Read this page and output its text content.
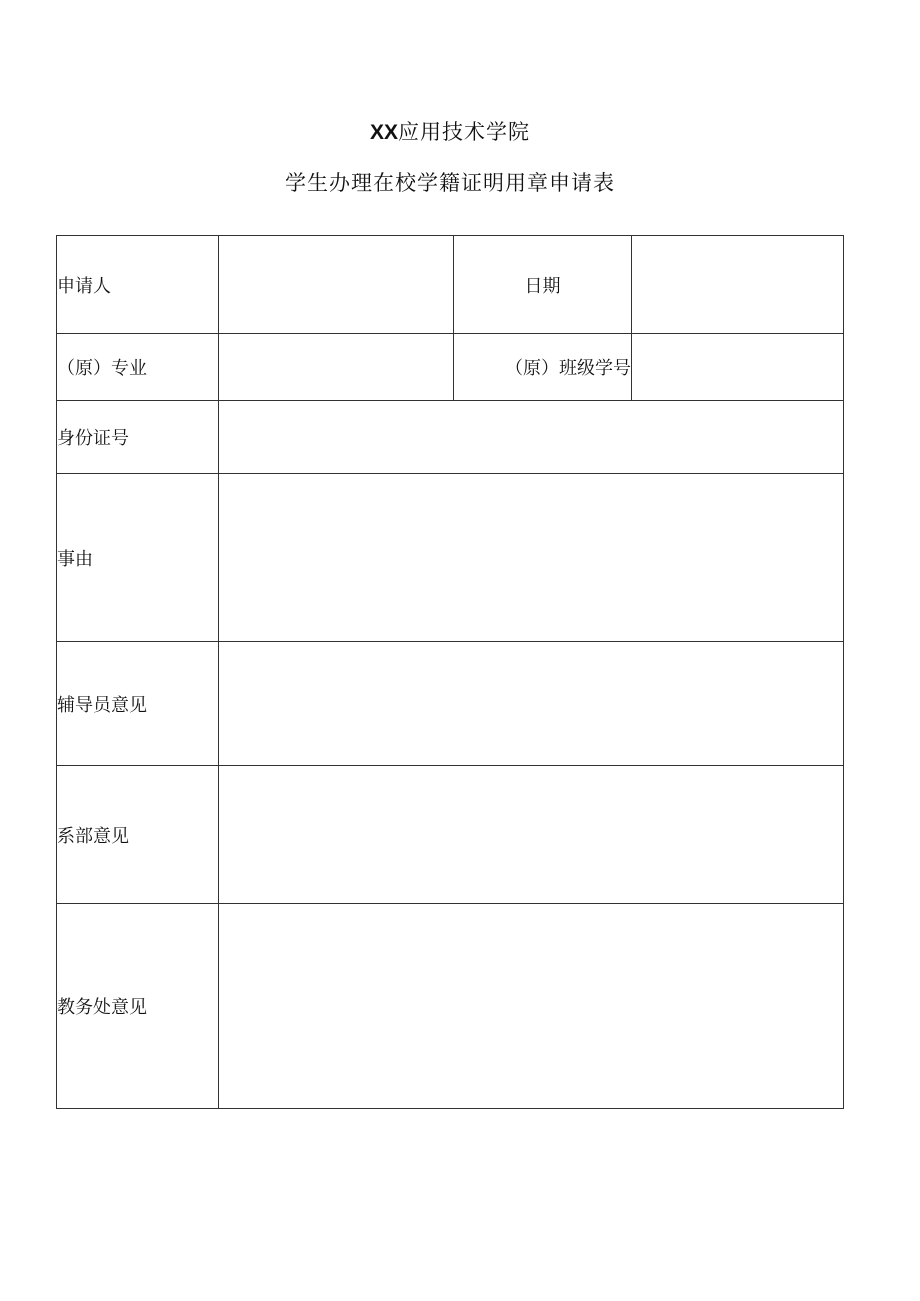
XX应用技术学院
学生办理在校学籍证明用章申请表
申请人		日期	
（原）专业		（原）班级学号	
身份证号			
事由			
辅导员意见			
系部意见			
教务处意见			
